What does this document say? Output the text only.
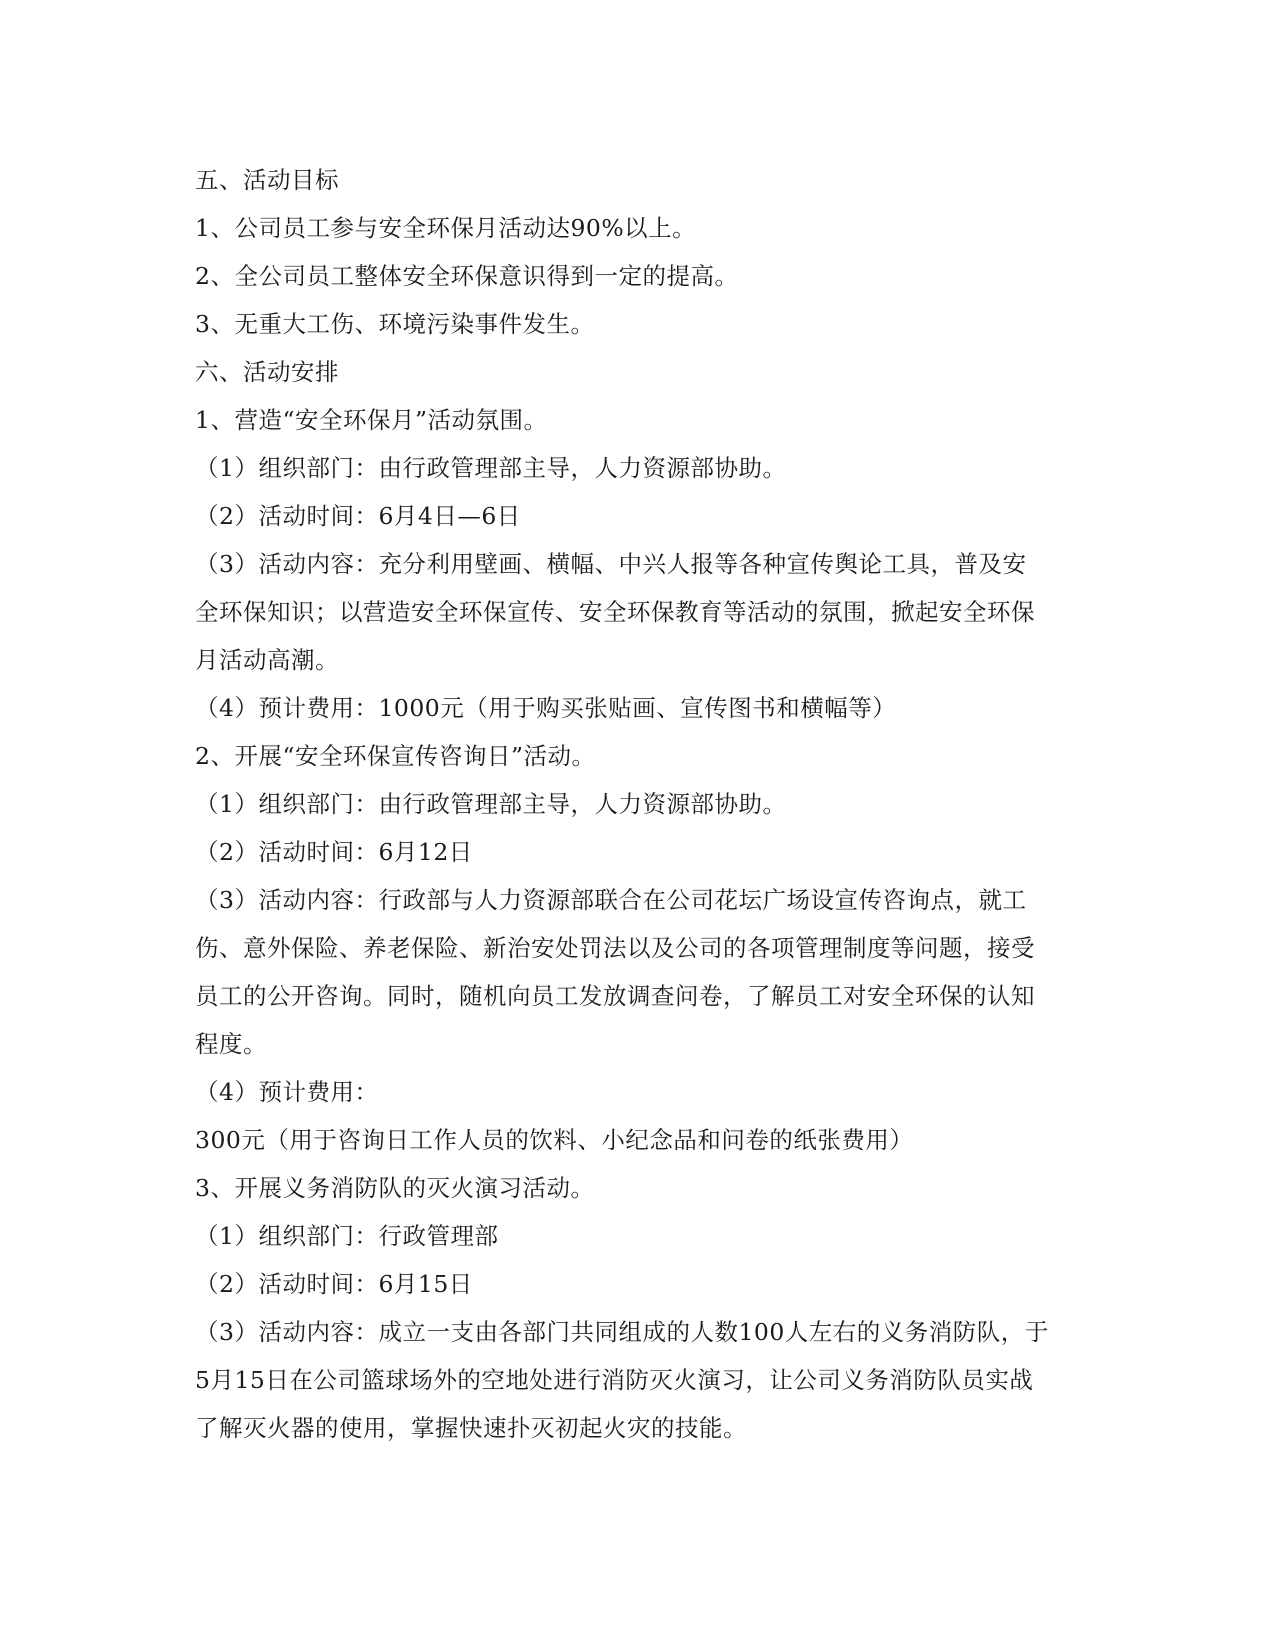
五、活动目标
1、公司员工参与安全环保月活动达90%以上。
2、全公司员工整体安全环保意识得到一定的提高。
3、无重大工伤、环境污染事件发生。
六、活动安排
1、营造“安全环保月”活动氛围。
（1）组织部门：由行政管理部主导，人力资源部协助。
（2）活动时间：6月4日—6日
（3）活动内容：充分利用壁画、横幅、中兴人报等各种宣传舆论工具，普及安
全环保知识；以营造安全环保宣传、安全环保教育等活动的氛围，掀起安全环保
月活动高潮。
（4）预计费用：1000元（用于购买张贴画、宣传图书和横幅等）
2、开展“安全环保宣传咨询日”活动。
（1）组织部门：由行政管理部主导，人力资源部协助。
（2）活动时间：6月12日
（3）活动内容：行政部与人力资源部联合在公司花坛广场设宣传咨询点，就工
伤、意外保险、养老保险、新治安处罚法以及公司的各项管理制度等问题，接受
员工的公开咨询。同时，随机向员工发放调查问卷，了解员工对安全环保的认知
程度。
（4）预计费用：
300元（用于咨询日工作人员的饮料、小纪念品和问卷的纸张费用）
3、开展义务消防队的灭火演习活动。
（1）组织部门：行政管理部
（2）活动时间：6月15日
（3）活动内容：成立一支由各部门共同组成的人数100人左右的义务消防队，于
5月15日在公司篮球场外的空地处进行消防灭火演习，让公司义务消防队员实战
了解灭火器的使用，掌握快速扑灭初起火灾的技能。
